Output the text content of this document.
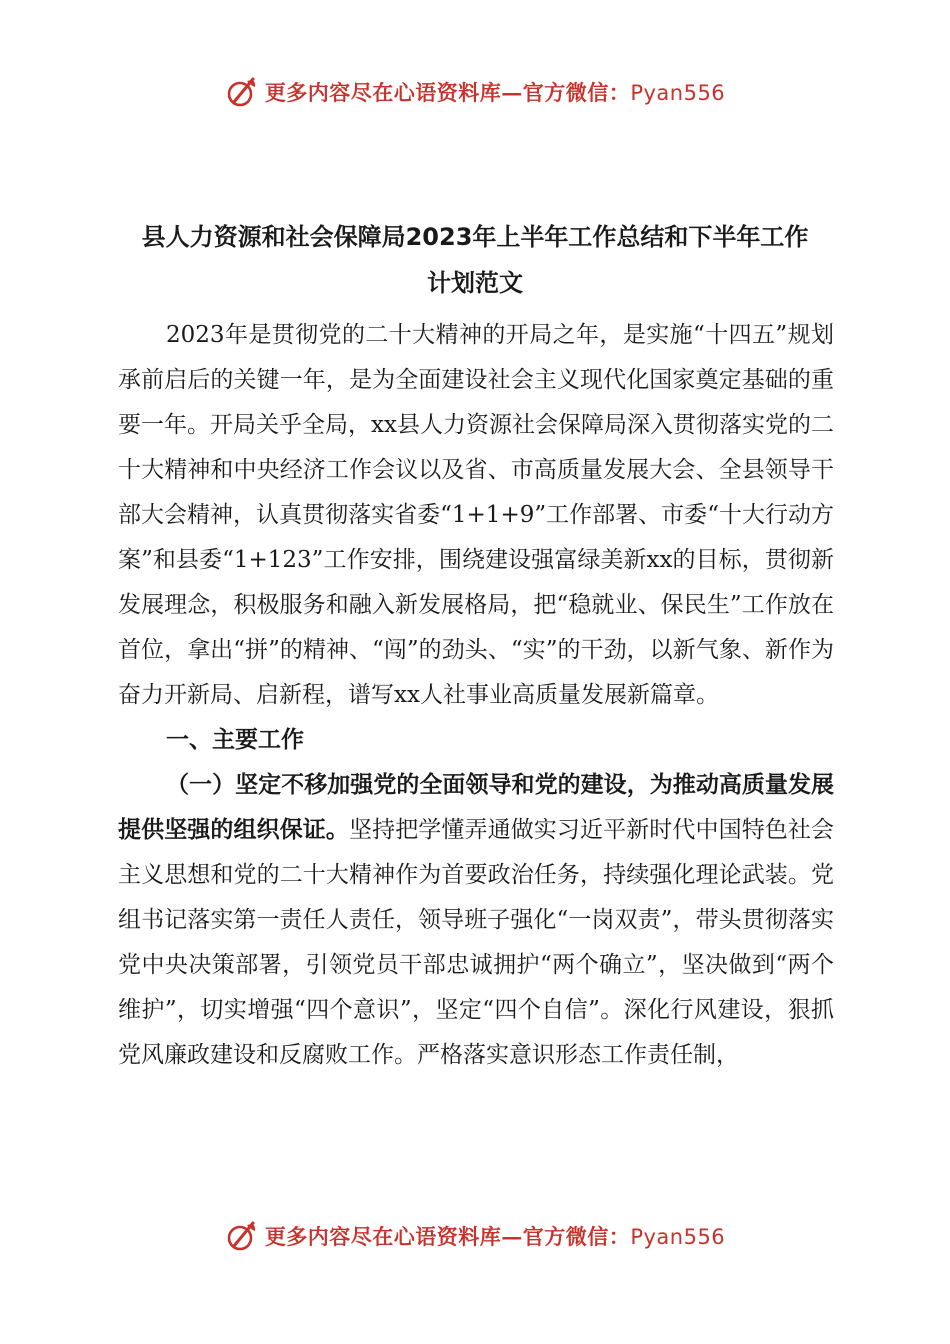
更多内容尽在心语资料库—官方微信：Pyan556
县人力资源和社会保障局2023年上半年工作总结和下半年工作
计划范文

2023年是贯彻党的二十大精神的开局之年，是实施“十四五”规划承前启后的关键一年，是为全面建设社会主义现代化国家奠定基础的重要一年。开局关乎全局，xx县人力资源社会保障局深入贯彻落实党的二十大精神和中央经济工作会议以及省、市高质量发展大会、全县领导干部大会精神，认真贯彻落实省委“1+1+9”工作部署、市委“十大行动方案”和县委“1+123”工作安排，围绕建设强富绿美新xx的目标，贯彻新发展理念，积极服务和融入新发展格局，把“稳就业、保民生”工作放在首位，拿出“拼”的精神、“闯”的劲头、“实”的干劲，以新气象、新作为奋力开新局、启新程，谱写xx人社事业高质量发展新篇章。

一、主要工作

（一）坚定不移加强党的全面领导和党的建设，为推动高质量发展提供坚强的组织保证。坚持把学懂弄通做实习近平新时代中国特色社会主义思想和党的二十大精神作为首要政治任务，持续强化理论武装。党组书记落实第一责任人责任，领导班子强化“一岗双责”，带头贯彻落实党中央决策部署，引领党员干部忠诚拥护“两个确立”，坚决做到“两个维护”，切实增强“四个意识”，坚定“四个自信”。深化行风建设，狠抓党风廉政建设和反腐败工作。严格落实意识形态工作责任制，

更多内容尽在心语资料库—官方微信：Pyan556
